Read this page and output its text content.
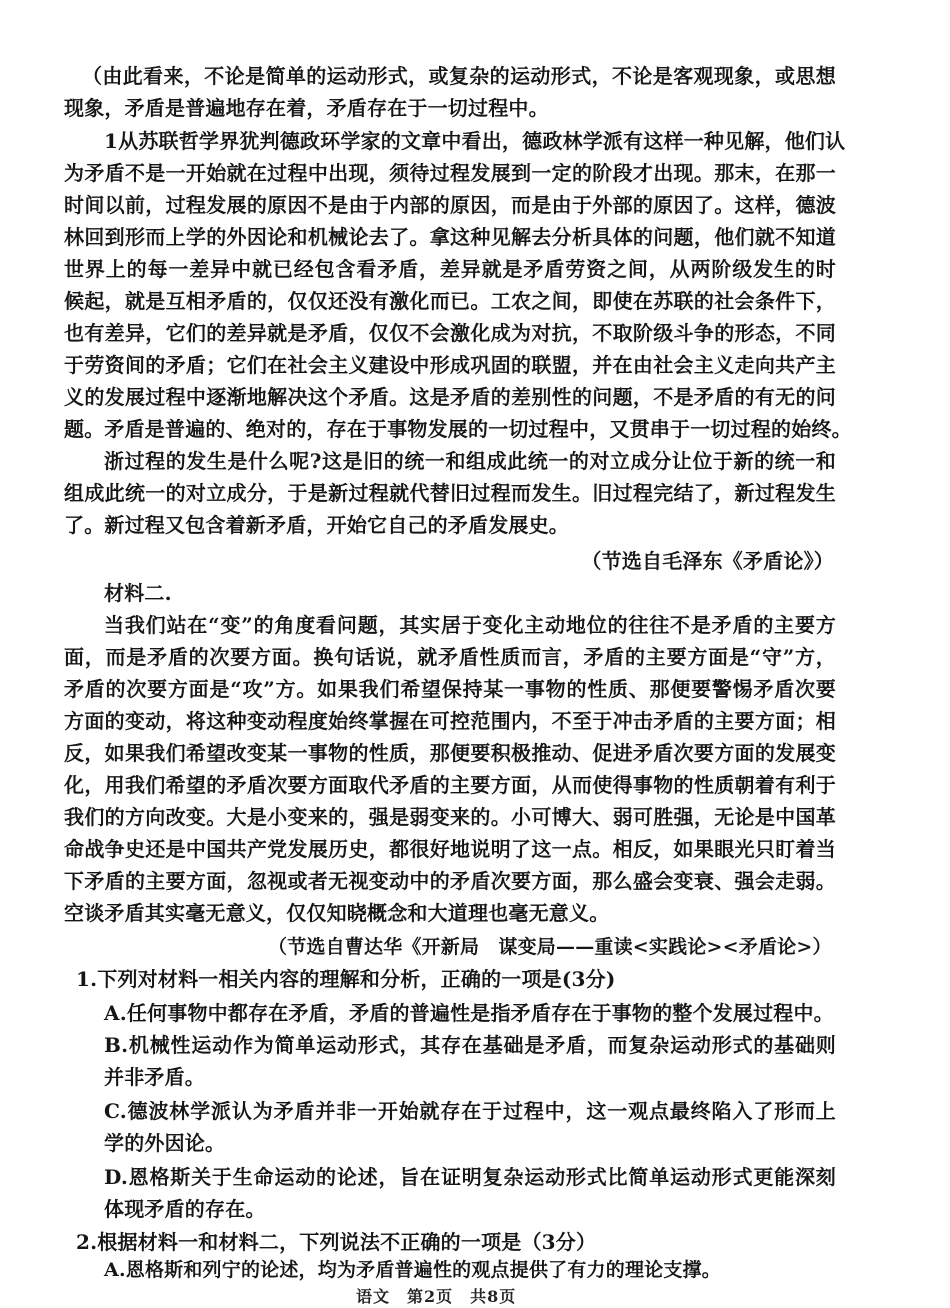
（由此看来，不论是简单的运动形式，或复杂的运动形式，不论是客观现象，或思想
现象，矛盾是普遍地存在着，矛盾存在于一切过程中。
1从苏联哲学界犹判德政环学家的文章中看出，德政林学派有这样一种见解，他们认
为矛盾不是一开始就在过程中出现，须待过程发展到一定的阶段才出现。那末，在那一
时间以前，过程发展的原因不是由于内部的原因，而是由于外部的原因了。这样，德波
林回到形而上学的外因论和机械论去了。拿这种见解去分析具体的问题，他们就不知道
世界上的每一差异中就已经包含看矛盾，差异就是矛盾劳资之间，从两阶级发生的时
候起，就是互相矛盾的，仅仅还没有激化而已。工农之间，即使在苏联的社会条件下，
也有差异，它们的差异就是矛盾，仅仅不会激化成为对抗，不取阶级斗争的形态，不同
于劳资间的矛盾；它们在社会主义建设中形成巩固的联盟，并在由社会主义走向共产主
义的发展过程中逐渐地解决这个矛盾。这是矛盾的差别性的问题，不是矛盾的有无的问
题。矛盾是普遍的、绝对的，存在于事物发展的一切过程中，又贯串于一切过程的始终。
浙过程的发生是什么呢?这是旧的统一和组成此统一的对立成分让位于新的统一和
组成此统一的对立成分，于是新过程就代替旧过程而发生。旧过程完结了，新过程发生
了。新过程又包含着新矛盾，开始它自己的矛盾发展史。
（节选自毛泽东《矛盾论》）
材料二.
当我们站在“变”的角度看问题，其实居于变化主动地位的往往不是矛盾的主要方
面，而是矛盾的次要方面。换句话说，就矛盾性质而言，矛盾的主要方面是“守”方，
矛盾的次要方面是“攻”方。如果我们希望保持某一事物的性质、那便要警惕矛盾次要
方面的变动，将这种变动程度始终掌握在可控范围内，不至于冲击矛盾的主要方面；相
反，如果我们希望改变某一事物的性质，那便要积极推动、促进矛盾次要方面的发展变
化，用我们希望的矛盾次要方面取代矛盾的主要方面，从而使得事物的性质朝着有利于
我们的方向改变。大是小变来的，强是弱变来的。小可博大、弱可胜强，无论是中国革
命战争史还是中国共产党发展历史，都很好地说明了这一点。相反，如果眼光只盯着当
下矛盾的主要方面，忽视或者无视变动中的矛盾次要方面，那么盛会变衰、强会走弱。
空谈矛盾其实毫无意义，仅仅知晓概念和大道理也毫无意义。
（节选自曹达华《开新局　谋变局——重读<实践论><矛盾论>）
1.下列对材料一相关内容的理解和分析，正确的一项是(3分)
A.任何事物中都存在矛盾，矛盾的普遍性是指矛盾存在于事物的整个发展过程中。
B.机械性运动作为简单运动形式，其存在基础是矛盾，而复杂运动形式的基础则
并非矛盾。
C.德波林学派认为矛盾并非一开始就存在于过程中，这一观点最终陷入了形而上
学的外因论。
D.恩格斯关于生命运动的论述，旨在证明复杂运动形式比简单运动形式更能深刻
体现矛盾的存在。
2.根据材料一和材料二，下列说法不正确的一项是（3分）
A.恩格斯和列宁的论述，均为矛盾普遍性的观点提供了有力的理论支撑。
语文　第2页　共8页
